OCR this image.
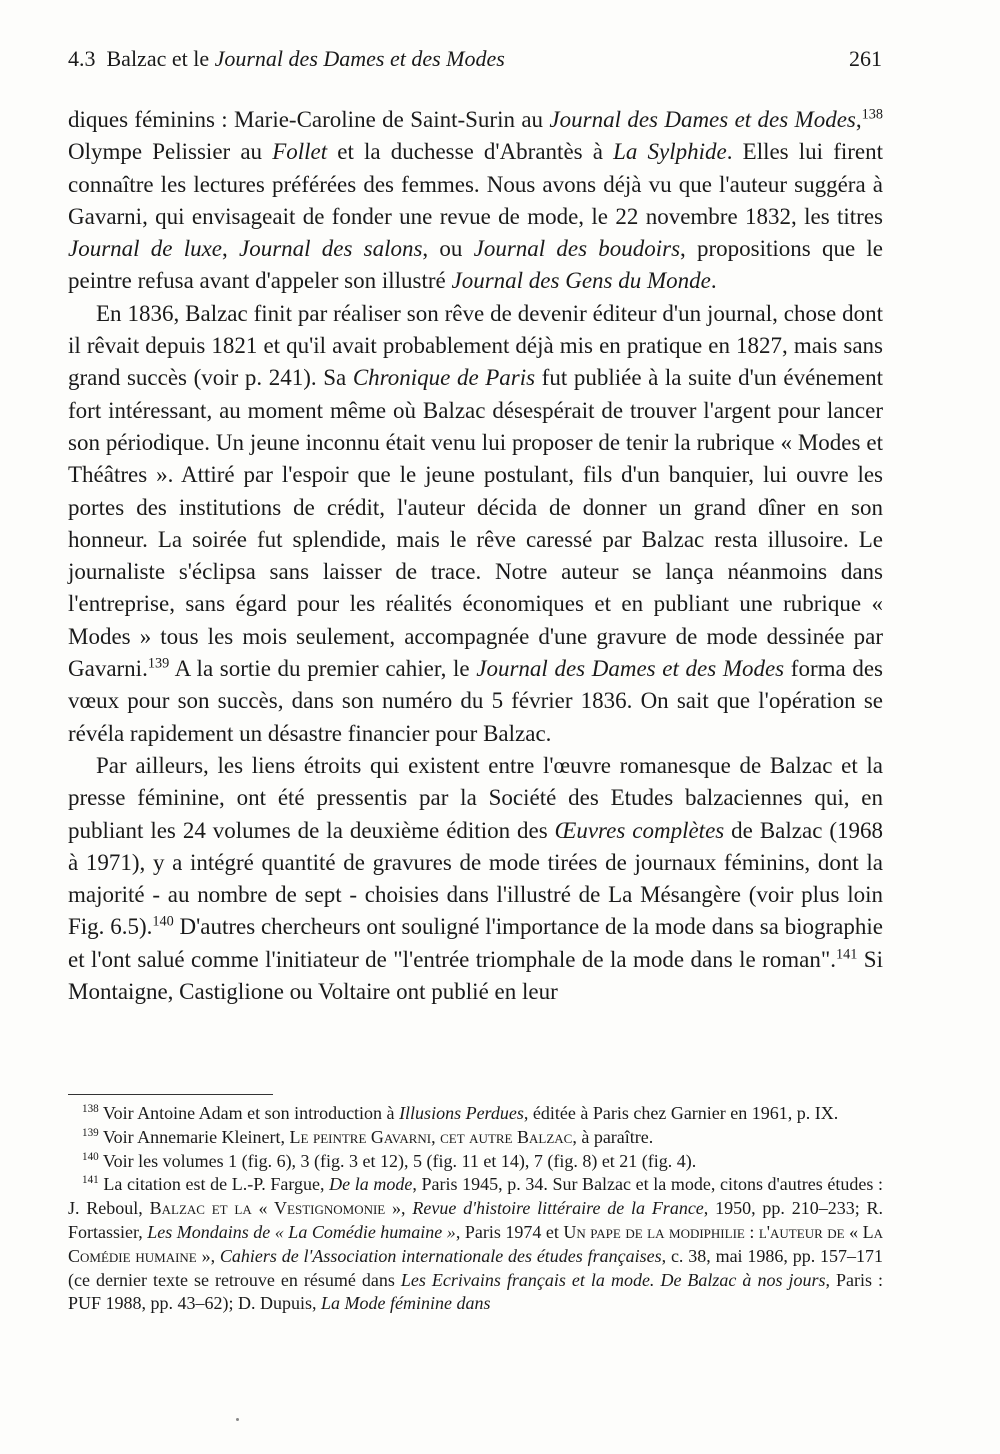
4.3 Balzac et le Journal des Dames et des Modes	261

diques féminins : Marie-Caroline de Saint-Surin au Journal des Dames et des Modes,$^{138}$ Olympe Pelissier au Follet et la duchesse d'Abrantès à La Sylphide. Elles lui firent connaître les lectures préférées des femmes. Nous avons déjà vu que l'auteur suggéra à Gavarni, qui envisageait de fonder une revue de mode, le 22 novembre 1832, les titres Journal de luxe, Journal des salons, ou Journal des boudoirs, propositions que le peintre refusa avant d'appeler son illustré Journal des Gens du Monde.

En 1836, Balzac finit par réaliser son rêve de devenir éditeur d'un journal, chose dont il rêvait depuis 1821 et qu'il avait probablement déjà mis en pratique en 1827, mais sans grand succès (voir p. 241). Sa Chronique de Paris fut publiée à la suite d'un événement fort intéressant, au moment même où Balzac désespérait de trouver l'argent pour lancer son périodique. Un jeune inconnu était venu lui proposer de tenir la rubrique « Modes et Théâtres ». Attiré par l'espoir que le jeune postulant, fils d'un banquier, lui ouvre les portes des institutions de crédit, l'auteur décida de donner un grand dîner en son honneur. La soirée fut splendide, mais le rêve caressé par Balzac resta illusoire. Le journaliste s'éclipsa sans laisser de trace. Notre auteur se lança néanmoins dans l'entreprise, sans égard pour les réalités économiques et en publiant une rubrique « Modes » tous les mois seulement, accompagnée d'une gravure de mode dessinée par Gavarni.$^{139}$ A la sortie du premier cahier, le Journal des Dames et des Modes forma des vœux pour son succès, dans son numéro du 5 février 1836. On sait que l'opération se révéla rapidement un désastre financier pour Balzac.

Par ailleurs, les liens étroits qui existent entre l'œuvre romanesque de Balzac et la presse féminine, ont été pressentis par la Société des Etudes balzaciennes qui, en publiant les 24 volumes de la deuxième édition des Œuvres complètes de Balzac (1968 à 1971), y a intégré quantité de gravures de mode tirées de journaux féminins, dont la majorité - au nombre de sept - choisies dans l'illustré de La Mésangère (voir plus loin Fig. 6.5).$^{140}$ D'autres chercheurs ont souligné l'importance de la mode dans sa biographie et l'ont salué comme l'initiateur de "l'entrée triomphale de la mode dans le roman".$^{141}$ Si Montaigne, Castiglione ou Voltaire ont publié en leur

$^{138}$ Voir Antoine Adam et son introduction à Illusions Perdues, éditée à Paris chez Garnier en 1961, p. IX.

$^{139}$ Voir Annemarie Kleinert, Le peintre Gavarni, cet autre Balzac, à paraître.

$^{140}$ Voir les volumes 1 (fig. 6), 3 (fig. 3 et 12), 5 (fig. 11 et 14), 7 (fig. 8) et 21 (fig. 4).

$^{141}$ La citation est de L.-P. Fargue, De la mode, Paris 1945, p. 34. Sur Balzac et la mode, citons d'autres études : J. Reboul, Balzac et la « Vestignomonie », Revue d'histoire littéraire de la France, 1950, pp. 210–233; R. Fortassier, Les Mondains de « La Comédie humaine », Paris 1974 et Un pape de la modiphilie : l'auteur de « La Comédie humaine », Cahiers de l'Association internationale des études françaises, c. 38, mai 1986, pp. 157–171 (ce dernier texte se retrouve en résumé dans Les Ecrivains français et la mode. De Balzac à nos jours, Paris : PUF 1988, pp. 43–62); D. Dupuis, La Mode féminine dans
